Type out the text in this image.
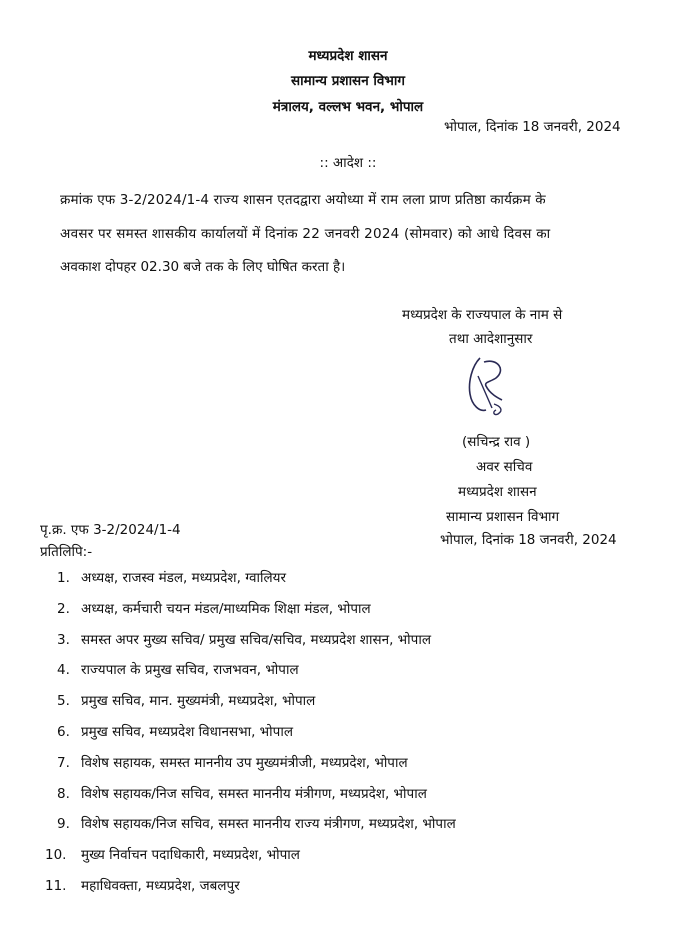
मध्यप्रदेश शासन
सामान्य प्रशासन विभाग
मंत्रालय, वल्लभ भवन, भोपाल
भोपाल, दिनांक 18 जनवरी, 2024
:: आदेश ::
क्रमांक एफ 3-2/2024/1-4 राज्य शासन एतदद्वारा अयोध्या में राम लला प्राण प्रतिष्ठा कार्यक्रम के
अवसर पर समस्त शासकीय कार्यालयों में दिनांक 22 जनवरी 2024 (सोमवार) को आधे दिवस का
अवकाश दोपहर 02.30 बजे तक के लिए घोषित करता है।
मध्यप्रदेश के राज्यपाल के नाम से
तथा आदेशानुसार
(सचिन्द्र राव )
अवर सचिव
मध्यप्रदेश शासन
सामान्य प्रशासन विभाग
भोपाल, दिनांक 18 जनवरी, 2024
पृ.क्र. एफ 3-2/2024/1-4
प्रतिलिपि:-
1. अध्यक्ष, राजस्व मंडल, मध्यप्रदेश, ग्वालियर
2. अध्यक्ष, कर्मचारी चयन मंडल/माध्यमिक शिक्षा मंडल, भोपाल
3. समस्त अपर मुख्य सचिव/ प्रमुख सचिव/सचिव, मध्यप्रदेश शासन, भोपाल
4. राज्यपाल के प्रमुख सचिव, राजभवन, भोपाल
5. प्रमुख सचिव, मान. मुख्यमंत्री, मध्यप्रदेश, भोपाल
6. प्रमुख सचिव, मध्यप्रदेश विधानसभा, भोपाल
7. विशेष सहायक, समस्त माननीय उप मुख्यमंत्रीजी, मध्यप्रदेश, भोपाल
8. विशेष सहायक/निज सचिव, समस्त माननीय मंत्रीगण, मध्यप्रदेश, भोपाल
9. विशेष सहायक/निज सचिव, समस्त माननीय राज्य मंत्रीगण, मध्यप्रदेश, भोपाल
10. मुख्य निर्वाचन पदाधिकारी, मध्यप्रदेश, भोपाल
11. महाधिवक्ता, मध्यप्रदेश, जबलपुर
